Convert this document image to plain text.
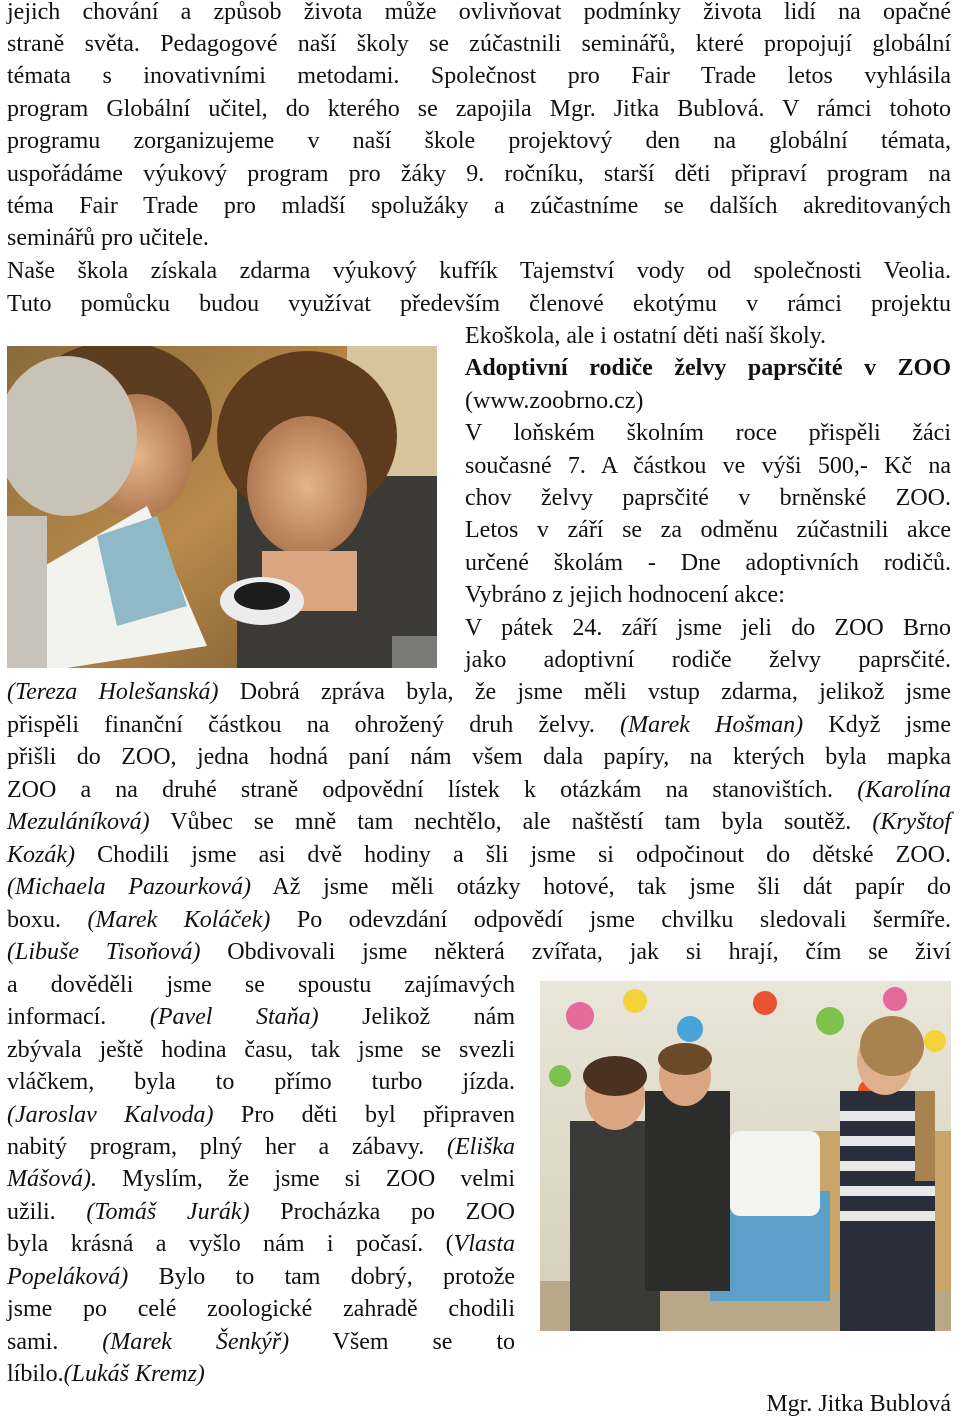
jejich chování a způsob života může ovlivňovat podmínky života lidí na opačné
straně světa. Pedagogové naší školy se zúčastnili seminářů, které propojují globální
témata s inovativními metodami. Společnost pro Fair Trade letos vyhlásila
program Globální učitel, do kterého se zapojila Mgr. Jitka Bublová. V rámci tohoto
programu zorganizujeme v naší škole projektový den na globální témata,
uspořádáme výukový program pro žáky 9. ročníku, starší děti připraví program na
téma Fair Trade pro mladší spolužáky a zúčastníme se dalších akreditovaných
seminářů pro učitele.
Naše škola získala zdarma výukový kufřík Tajemství vody od společnosti Veolia.
Tuto pomůcku budou využívat především členové ekotýmu v rámci projektu
Ekoškola, ale i ostatní děti naší školy.
Adoptivní rodiče želvy paprsčité v ZOO
(www.zoobrno.cz)
V loňském školním roce přispěli žáci
současné 7. A částkou ve výši 500,- Kč na
chov želvy paprsčité v brněnské ZOO.
Letos v září se za odměnu zúčastnili akce
určené školám - Dne adoptivních rodičů.
Vybráno z jejich hodnocení akce:
V pátek 24. září jsme jeli do ZOO Brno
jako adoptivní rodiče želvy paprsčité.
(Tereza Holešanská) Dobrá zpráva byla, že jsme měli vstup zdarma, jelikož jsme
přispěli finanční částkou na ohrožený druh želvy. (Marek Hošman) Když jsme
přišli do ZOO, jedna hodná paní nám všem dala papíry, na kterých byla mapka
ZOO a na druhé straně odpovědní lístek k otázkám na stanovištích. (Karolína
Mezuláníková) Vůbec se mně tam nechtělo, ale naštěstí tam byla soutěž. (Kryštof
Kozák) Chodili jsme asi dvě hodiny a šli jsme si odpočinout do dětské ZOO.
(Michaela Pazourková) Až jsme měli otázky hotové, tak jsme šli dát papír do
boxu. (Marek Koláček) Po odevzdání odpovědí jsme chvilku sledovali šermíře.
(Libuše Tisoňová) Obdivovali jsme některá zvířata, jak si hrají, čím se živí
a dověděli jsme se spoustu zajímavých
informací. (Pavel Staňa) Jelikož nám
zbývala ještě hodina času, tak jsme se svezli
vláčkem, byla to přímo turbo jízda.
(Jaroslav Kalvoda) Pro děti byl připraven
nabitý program, plný her a zábavy. (Eliška
Mášová). Myslím, že jsme si ZOO velmi
užili. (Tomáš Jurák) Procházka po ZOO
byla krásná a vyšlo nám i počasí. (Vlasta
Popeláková) Bylo to tam dobrý, protože
jsme po celé zoologické zahradě chodili
sami. (Marek Šenkýř) Všem se to
líbilo.(Lukáš Kremz)
Mgr. Jitka Bublová
